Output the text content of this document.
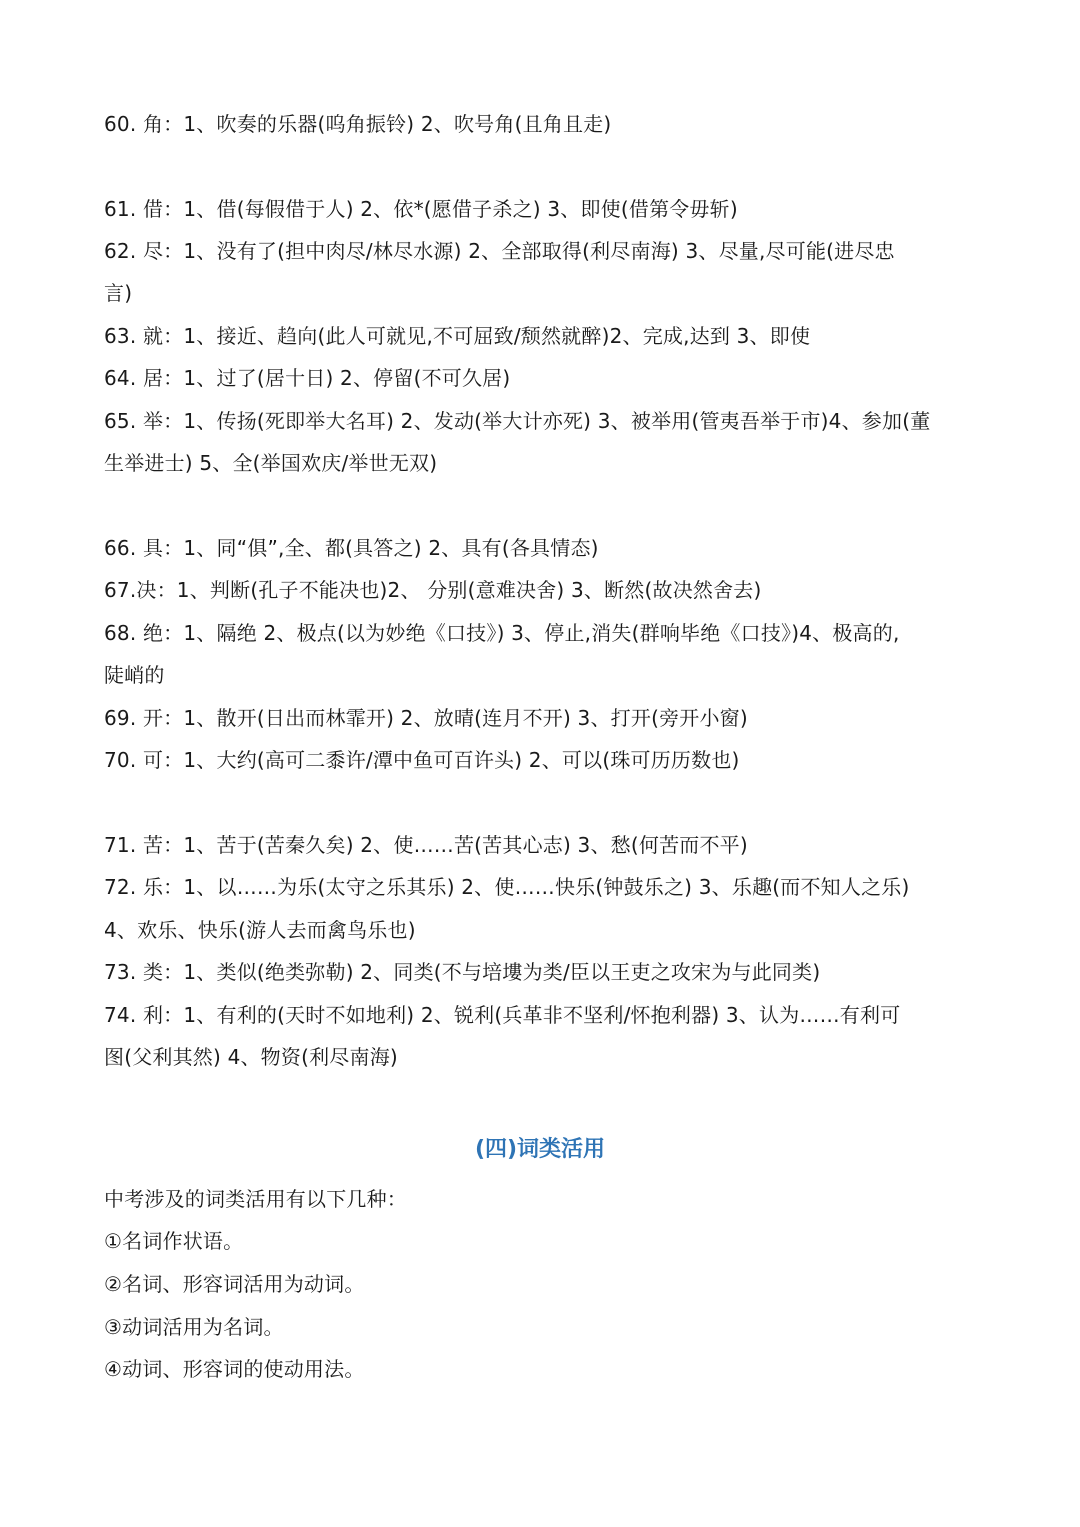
60. 角：1、吹奏的乐器(呜角振铃) 2、吹号角(且角且走)
61. 借：1、借(每假借于人) 2、依*(愿借子杀之) 3、即使(借第令毋斩)
62. 尽：1、没有了(担中肉尽/林尽水源) 2、全部取得(利尽南海) 3、尽量,尽可能(进尽忠
言)
63. 就：1、接近、趋向(此人可就见,不可屈致/颓然就醉)2、完成,达到 3、即使
64. 居：1、过了(居十日) 2、停留(不可久居)
65. 举：1、传扬(死即举大名耳) 2、发动(举大计亦死) 3、被举用(管夷吾举于市)4、参加(董
生举进士) 5、全(举国欢庆/举世无双)
66. 具：1、同“俱”,全、都(具答之) 2、具有(各具情态)
67.决：1、判断(孔子不能决也)2、 分别(意难决舍) 3、断然(故决然舍去)
68. 绝：1、隔绝 2、极点(以为妙绝《口技》) 3、停止,消失(群响毕绝《口技》)4、极高的,
陡峭的
69. 开：1、散开(日出而林霏开) 2、放晴(连月不开) 3、打开(旁开小窗)
70. 可：1、大约(高可二黍许/潭中鱼可百许头) 2、可以(珠可历历数也)
71. 苦：1、苦于(苦秦久矣) 2、使……苦(苦其心志) 3、愁(何苦而不平)
72. 乐：1、以……为乐(太守之乐其乐) 2、使……快乐(钟鼓乐之) 3、乐趣(而不知人之乐)
4、欢乐、快乐(游人去而禽鸟乐也)
73. 类：1、类似(绝类弥勒) 2、同类(不与培塿为类/臣以王吏之攻宋为与此同类)
74. 利：1、有利的(天时不如地利) 2、锐利(兵革非不坚利/怀抱利器) 3、认为……有利可
图(父利其然) 4、物资(利尽南海)
(四)词类活用
中考涉及的词类活用有以下几种：
①名词作状语。
②名词、形容词活用为动词。
③动词活用为名词。
④动词、形容词的使动用法。
